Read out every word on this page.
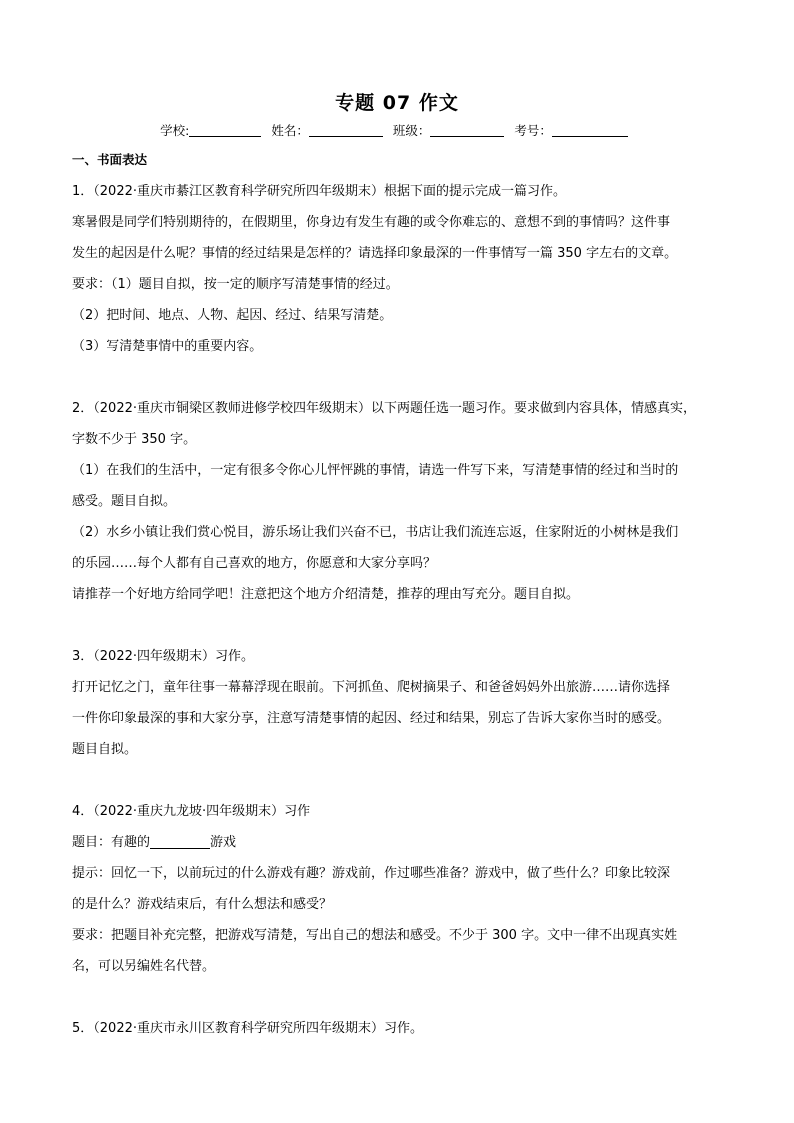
专题 07 作文
学校:	姓名：	班级：	考号：
一、书面表达
1．（2022·重庆市綦江区教育科学研究所四年级期末）根据下面的提示完成一篇习作。
寒暑假是同学们特别期待的，在假期里，你身边有发生有趣的或令你难忘的、意想不到的事情吗？这件事
发生的起因是什么呢？事情的经过结果是怎样的？请选择印象最深的一件事情写一篇 350 字左右的文章。
要求：（1）题目自拟，按一定的顺序写清楚事情的经过。
（2）把时间、地点、人物、起因、经过、结果写清楚。
（3）写清楚事情中的重要内容。
2．（2022·重庆市铜梁区教师进修学校四年级期末）以下两题任选一题习作。要求做到内容具体，情感真实，
字数不少于 350 字。
（1）在我们的生活中，一定有很多令你心儿怦怦跳的事情，请选一件写下来，写清楚事情的经过和当时的
感受。题目自拟。
（2）水乡小镇让我们赏心悦目，游乐场让我们兴奋不已，书店让我们流连忘返，住家附近的小树林是我们
的乐园……每个人都有自己喜欢的地方，你愿意和大家分享吗？
请推荐一个好地方给同学吧！注意把这个地方介绍清楚，推荐的理由写充分。题目自拟。
3．（2022·四年级期末）习作。
打开记忆之门，童年往事一幕幕浮现在眼前。下河抓鱼、爬树摘果子、和爸爸妈妈外出旅游……请你选择
一件你印象最深的事和大家分享，注意写清楚事情的起因、经过和结果，别忘了告诉大家你当时的感受。
题目自拟。
4．（2022·重庆九龙坡·四年级期末）习作
题目：有趣的	游戏
提示：回忆一下，以前玩过的什么游戏有趣？游戏前，作过哪些准备？游戏中，做了些什么？印象比较深
的是什么？游戏结束后，有什么想法和感受？
要求：把题目补充完整，把游戏写清楚，写出自己的想法和感受。不少于 300 字。文中一律不出现真实姓
名，可以另编姓名代替。
5．（2022·重庆市永川区教育科学研究所四年级期末）习作。
